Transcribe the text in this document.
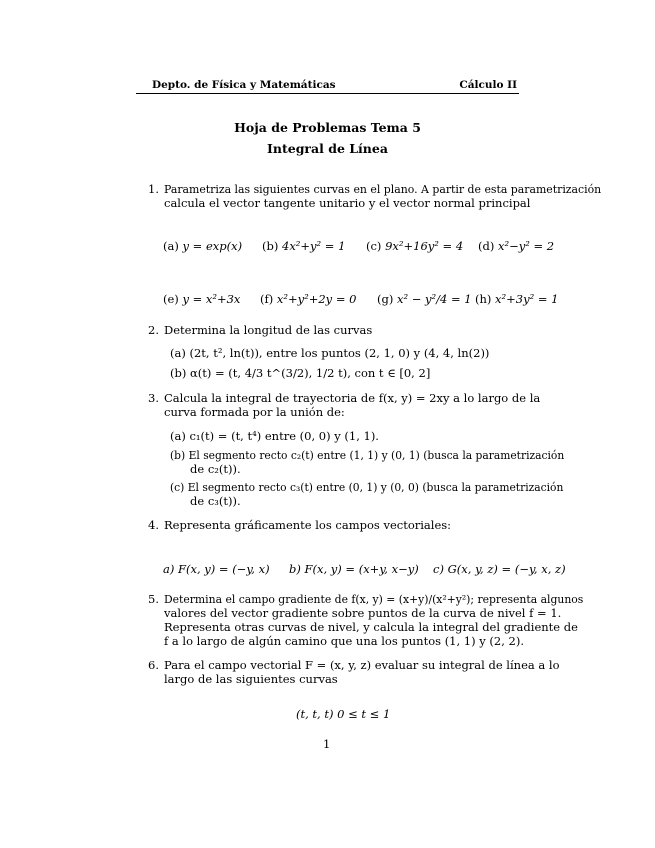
Depto. de Física y Matemáticas	Cálculo II
Hoja de Problemas Tema 5
Integral de Línea
1. Parametriza las siguientes curvas en el plano. A partir de esta parametrización
calcula el vector tangente unitario y el vector normal principal
(a) y = exp(x) (b) 4x²+y² = 1 (c) 9x²+16y² = 4 (d) x²−y² = 2
(e) y = x²+3x (f) x²+y²+2y = 0 (g) x² − y²/4 = 1 (h) x²+3y² = 1
2. Determina la longitud de las curvas
(a) (2t, t², ln(t)), entre los puntos (2, 1, 0) y (4, 4, ln(2))
(b) α(t) = (t, 4/3 t^(3/2), 1/2 t), con t ∈ [0, 2]
3. Calcula la integral de trayectoria de f(x, y) = 2xy a lo largo de la
curva formada por la unión de:
(a) c₁(t) = (t, t⁴) entre (0, 0) y (1, 1).
(b) El segmento recto c₂(t) entre (1, 1) y (0, 1) (busca la parametrización
de c₂(t)).
(c) El segmento recto c₃(t) entre (0, 1) y (0, 0) (busca la parametrización
de c₃(t)).
4. Representa gráficamente los campos vectoriales:
a) F(x, y) = (−y, x) b) F(x, y) = (x+y, x−y) c) G(x, y, z) = (−y, x, z)
5. Determina el campo gradiente de f(x, y) = (x+y)/(x²+y²); representa algunos
valores del vector gradiente sobre puntos de la curva de nivel f = 1.
Representa otras curvas de nivel, y calcula la integral del gradiente de
f a lo largo de algún camino que una los puntos (1, 1) y (2, 2).
6. Para el campo vectorial F = (x, y, z) evaluar su integral de línea a lo
largo de las siguientes curvas
(t, t, t) 0 ≤ t ≤ 1
1
